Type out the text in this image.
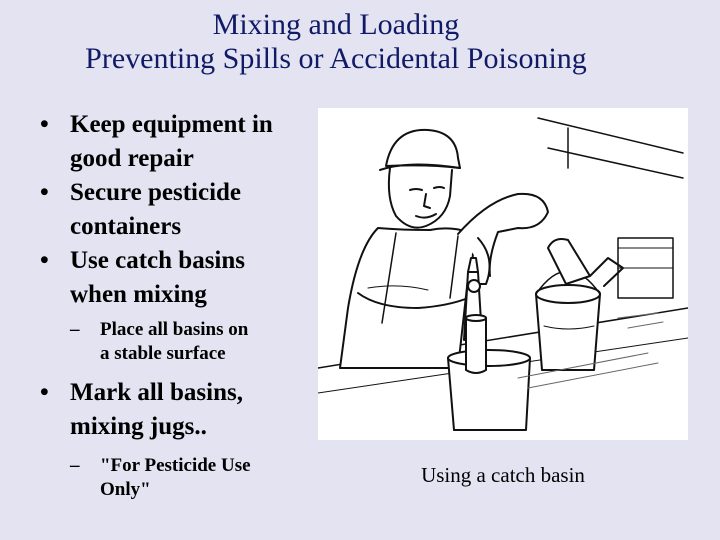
Mixing and Loading
Preventing Spills or Accidental Poisoning
• Keep equipment in
good repair
• Secure pesticide
containers
• Use catch basins
when mixing
– Place all basins on
a stable surface
• Mark all basins,
mixing jugs..
– "For Pesticide Use
Only"
Using a catch basin
